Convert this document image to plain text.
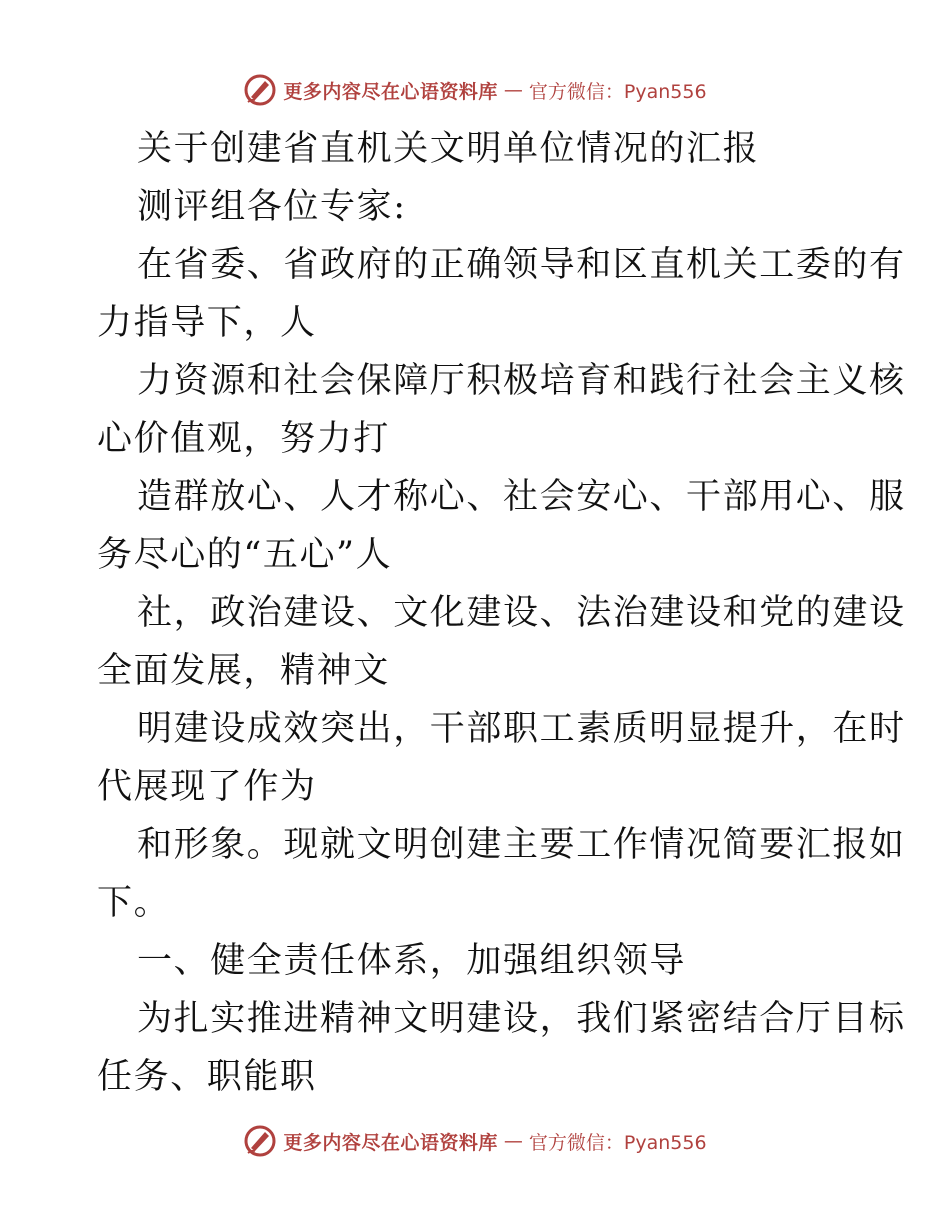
更多内容尽在心语资料库 — 官方微信：Pyan556
关于创建省直机关文明单位情况的汇报
测评组各位专家:
在省委、省政府的正确领导和区直机关工委的有
力指导下，人
力资源和社会保障厅积极培育和践行社会主义核
心价值观，努力打
造群放心、人才称心、社会安心、干部用心、服
务尽心的“五心”人
社，政治建设、文化建设、法治建设和党的建设
全面发展，精神文
明建设成效突出，干部职工素质明显提升，在时
代展现了作为
和形象。现就文明创建主要工作情况简要汇报如
下。
一、健全责任体系，加强组织领导
为扎实推进精神文明建设，我们紧密结合厅目标
任务、职能职
更多内容尽在心语资料库 — 官方微信：Pyan556
